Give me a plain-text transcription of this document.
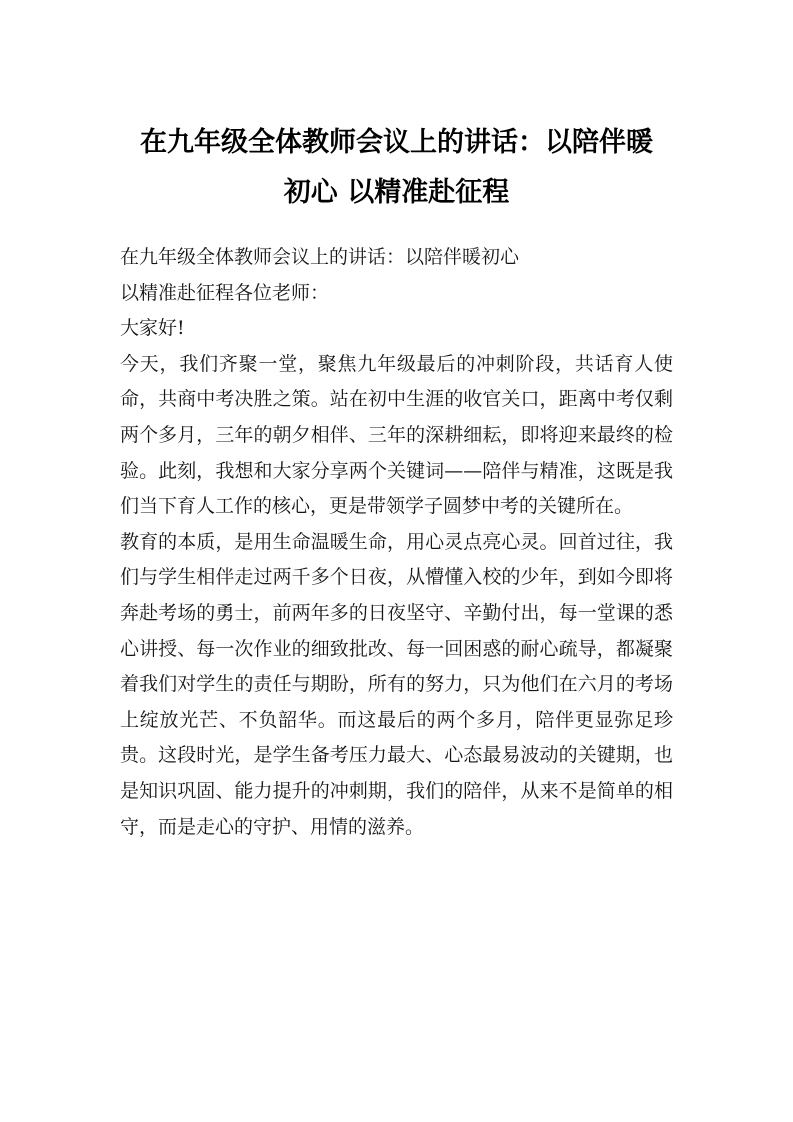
在九年级全体教师会议上的讲话：以陪伴暖
初心 以精准赴征程

在九年级全体教师会议上的讲话：以陪伴暖初心

以精准赴征程各位老师：

大家好!

今天，我们齐聚一堂，聚焦九年级最后的冲刺阶段，共话育人使命，共商中考决胜之策。站在初中生涯的收官关口，距离中考仅剩两个多月，三年的朝夕相伴、三年的深耕细耘，即将迎来最终的检验。此刻，我想和大家分享两个关键词——陪伴与精准，这既是我们当下育人工作的核心，更是带领学子圆梦中考的关键所在。

教育的本质，是用生命温暖生命，用心灵点亮心灵。回首过往，我们与学生相伴走过两千多个日夜，从懵懂入校的少年，到如今即将奔赴考场的勇士，前两年多的日夜坚守、辛勤付出，每一堂课的悉心讲授、每一次作业的细致批改、每一回困惑的耐心疏导，都凝聚着我们对学生的责任与期盼，所有的努力，只为他们在六月的考场上绽放光芒、不负韶华。而这最后的两个多月，陪伴更显弥足珍贵。这段时光，是学生备考压力最大、心态最易波动的关键期，也是知识巩固、能力提升的冲刺期，我们的陪伴，从来不是简单的相守，而是走心的守护、用情的滋养。
